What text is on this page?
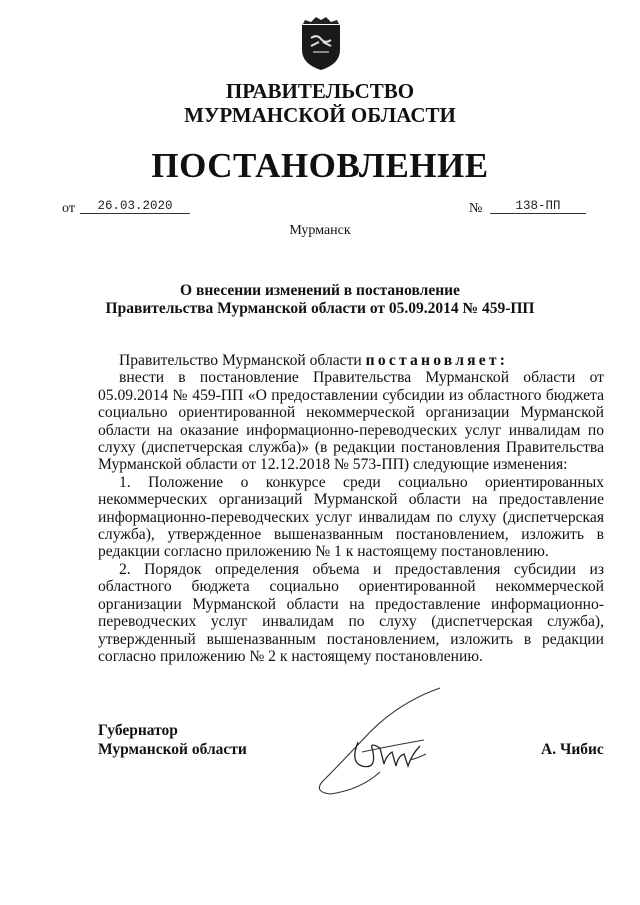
ПРАВИТЕЛЬСТВО
МУРМАНСКОЙ ОБЛАСТИ
ПОСТАНОВЛЕНИЕ
от	26.03.2020	№	138-ПП
Мурманск
О внесении изменений в постановление
Правительства Мурманской области от 05.09.2014 № 459-ПП

Правительство Мурманской области постановляет:

внести в постановление Правительства Мурманской области от 05.09.2014 № 459-ПП «О предоставлении субсидии из областного бюджета социально ориентированной некоммерческой организации Мурманской области на оказание информационно-переводческих услуг инвалидам по слуху (диспетчерская служба)» (в редакции постановления Правительства Мурманской области от 12.12.2018 № 573-ПП) следующие изменения:

1. Положение о конкурсе среди социально ориентированных некоммерческих организаций Мурманской области на предоставление информационно-переводческих услуг инвалидам по слуху (диспетчерская служба), утвержденное вышеназванным постановлением, изложить в редакции согласно приложению № 1 к настоящему постановлению.

2. Порядок определения объема и предоставления субсидии из областного бюджета социально ориентированной некоммерческой организации Мурманской области на предоставление информационно-переводческих услуг инвалидам по слуху (диспетчерская служба), утвержденный вышеназванным постановлением, изложить в редакции согласно приложению № 2 к настоящему постановлению.

Губернатор
Мурманской области	А. Чибис
